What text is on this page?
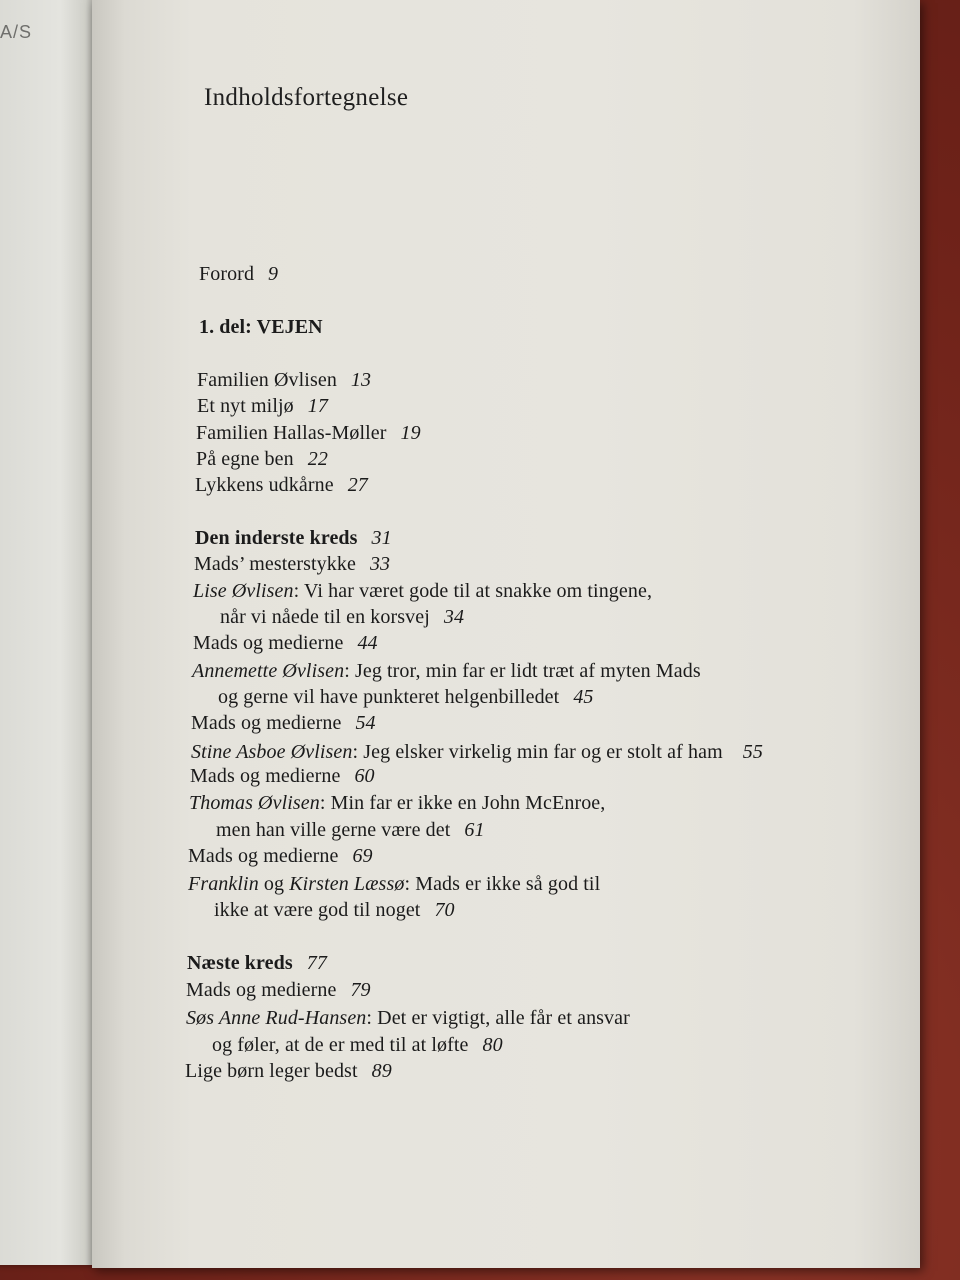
A/S
Indholdsfortegnelse
Forord 9
1. del: VEJEN
Familien Øvlisen 13
Et nyt miljø 17
Familien Hallas-Møller 19
På egne ben 22
Lykkens udkårne 27
Den inderste kreds 31
Mads’ mesterstykke 33
Lise Øvlisen: Vi har været gode til at snakke om tingene,
når vi nåede til en korsvej 34
Mads og medierne 44
Annemette Øvlisen: Jeg tror, min far er lidt træt af myten Mads
og gerne vil have punkteret helgenbilledet 45
Mads og medierne 54
Stine Asboe Øvlisen: Jeg elsker virkelig min far og er stolt af ham 55
Mads og medierne 60
Thomas Øvlisen: Min far er ikke en John McEnroe,
men han ville gerne være det 61
Mads og medierne 69
Franklin og Kirsten Læssø: Mads er ikke så god til
ikke at være god til noget 70
Næste kreds 77
Mads og medierne 79
Søs Anne Rud-Hansen: Det er vigtigt, alle får et ansvar
og føler, at de er med til at løfte 80
Lige børn leger bedst 89
